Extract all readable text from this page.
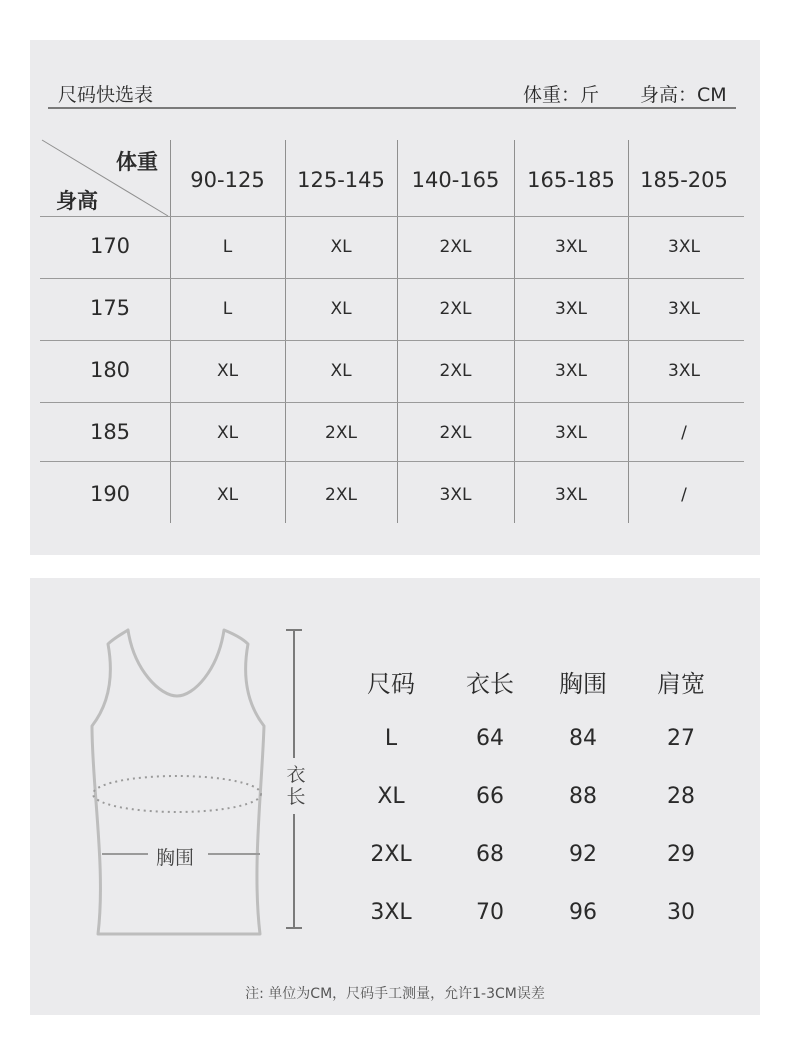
尺码快选表	体重：斤 身高：CM
体重
身高
90-125	125-145	140-165	165-185	185-205
170	L	XL	2XL	3XL	3XL
175	L	XL	2XL	3XL	3XL
180	XL	XL	2XL	3XL	3XL
185	XL	2XL	2XL	3XL	/
190	XL	2XL	3XL	3XL	/
胸围
衣长
尺码	衣长	胸围	肩宽
L	64	84	27
XL	66	88	28
2XL	68	92	29
3XL	70	96	30
注: 单位为CM，尺码手工测量，允许1-3CM误差
